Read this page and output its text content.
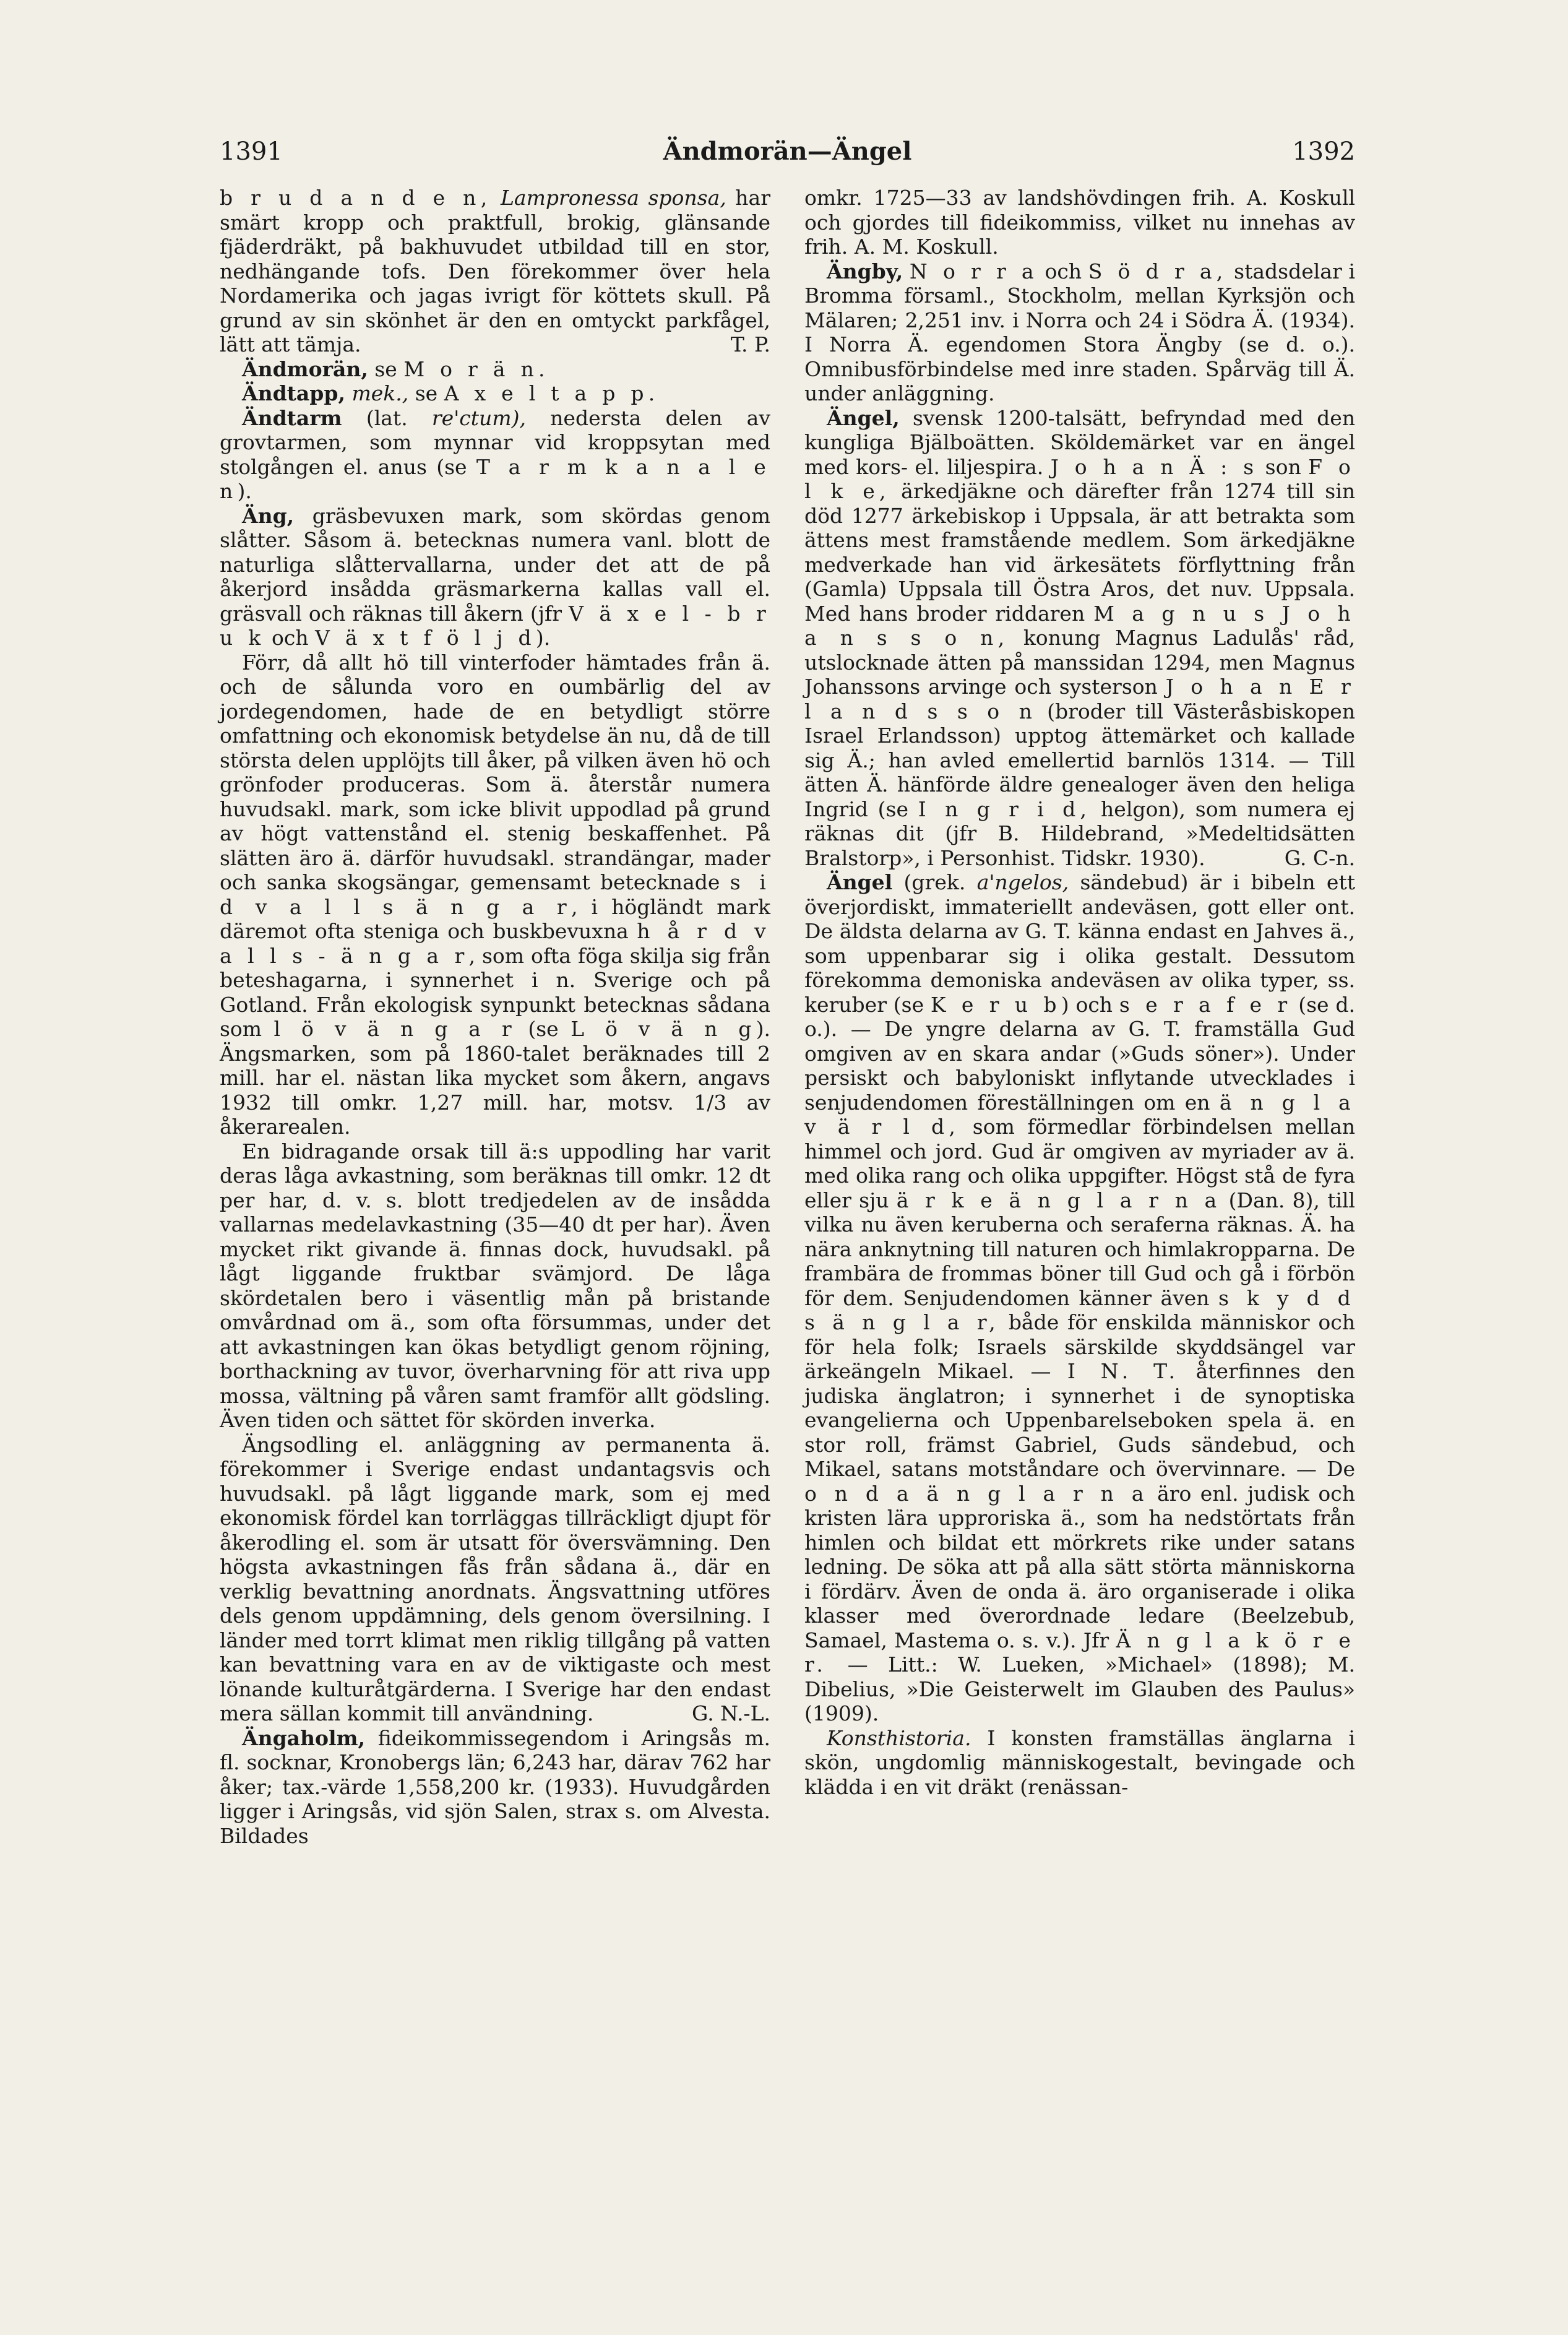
1391	Ändmorän—Ängel	1392

b r u d a n d e n, Lampronessa sponsa, har smärt kropp och praktfull, brokig, glänsande fjäderdräkt, på bakhuvudet utbildad till en stor, nedhängande tofs. Den förekommer över hela Nordamerika och jagas ivrigt för köttets skull. På grund av sin skönhet är den en omtyckt parkfågel, lätt att tämja.	T. P.

Ändmorän, se M o r ä n.

Ändtapp, mek., se A x e l t a p p.

Ändtarm (lat. re'ctum), nedersta delen av grovtarmen, som mynnar vid kroppsytan med stolgången el. anus (se T a r m k a n a l e n).

Äng, gräsbevuxen mark, som skördas genom slåtter. Såsom ä. betecknas numera vanl. blott de naturliga slåttervallarna, under det att de på åkerjord insådda gräsmarkerna kallas vall el. gräsvall och räknas till åkern (jfr V ä x e l - b r u k och V ä x t f ö l j d).

Förr, då allt hö till vinterfoder hämtades från ä. och de sålunda voro en oumbärlig del av jordegendomen, hade de en betydligt större omfattning och ekonomisk betydelse än nu, då de till största delen upplöjts till åker, på vilken även hö och grönfoder produceras. Som ä. återstår numera huvudsakl. mark, som icke blivit uppodlad på grund av högt vattenstånd el. stenig beskaffenhet. På slätten äro ä. därför huvudsakl. strandängar, mader och sanka skogsängar, gemensamt betecknade s i d v a l l s ä n g a r, i högländt mark däremot ofta steniga och buskbevuxna h å r d v a l l s - ä n g a r, som ofta föga skilja sig från beteshagarna, i synnerhet i n. Sverige och på Gotland. Från ekologisk synpunkt betecknas sådana som l ö v ä n g a r (se L ö v ä n g). Ängsmarken, som på 1860-talet beräknades till 2 mill. har el. nästan lika mycket som åkern, angavs 1932 till omkr. 1,27 mill. har, motsv. 1/3 av åkerarealen.

En bidragande orsak till ä:s uppodling har varit deras låga avkastning, som beräknas till omkr. 12 dt per har, d. v. s. blott tredjedelen av de insådda vallarnas medelavkastning (35—40 dt per har). Även mycket rikt givande ä. finnas dock, huvudsakl. på lågt liggande fruktbar svämjord. De låga skördetalen bero i väsentlig mån på bristande omvårdnad om ä., som ofta försummas, under det att avkastningen kan ökas betydligt genom röjning, borthackning av tuvor, överharvning för att riva upp mossa, vältning på våren samt framför allt gödsling. Även tiden och sättet för skörden inverka.

Ängsodling el. anläggning av permanenta ä. förekommer i Sverige endast undantagsvis och huvudsakl. på lågt liggande mark, som ej med ekonomisk fördel kan torrläggas tillräckligt djupt för åkerodling el. som är utsatt för översvämning. Den högsta avkastningen fås från sådana ä., där en verklig bevattning anordnats. Ängsvattning utföres dels genom uppdämning, dels genom översilning. I länder med torrt klimat men riklig tillgång på vatten kan bevattning vara en av de viktigaste och mest lönande kulturåtgärderna. I Sverige har den endast mera sällan kommit till användning.	G. N.-L.

Ängaholm, fideikommissegendom i Aringsås m. fl. socknar, Kronobergs län; 6,243 har, därav 762 har åker; tax.-värde 1,558,200 kr. (1933). Huvudgården ligger i Aringsås, vid sjön Salen, strax s. om Alvesta. Bildades

omkr. 1725—33 av landshövdingen frih. A. Koskull och gjordes till fideikommiss, vilket nu innehas av frih. A. M. Koskull.

Ängby, N o r r a och S ö d r a, stadsdelar i Bromma församl., Stockholm, mellan Kyrksjön och Mälaren; 2,251 inv. i Norra och 24 i Södra Ä. (1934). I Norra Ä. egendomen Stora Ängby (se d. o.). Omnibusförbindelse med inre staden. Spårväg till Ä. under anläggning.

Ängel, svensk 1200-talsätt, befryndad med den kungliga Bjälboätten. Sköldemärket var en ängel med kors- el. liljespira. J o h a n Ä : s son F o l k e, ärkedjäkne och därefter från 1274 till sin död 1277 ärkebiskop i Uppsala, är att betrakta som ättens mest framstående medlem. Som ärkedjäkne medverkade han vid ärkesätets förflyttning från (Gamla) Uppsala till Östra Aros, det nuv. Uppsala. Med hans broder riddaren M a g n u s J o h a n s s o n, konung Magnus Ladulås' råd, utslocknade ätten på manssidan 1294, men Magnus Johanssons arvinge och systerson J o h a n E r l a n d s s o n (broder till Västeråsbiskopen Israel Erlandsson) upptog ättemärket och kallade sig Ä.; han avled emellertid barnlös 1314. — Till ätten Ä. hänförde äldre genealoger även den heliga Ingrid (se I n g r i d, helgon), som numera ej räknas dit (jfr B. Hildebrand, »Medeltidsätten Bralstorp», i Personhist. Tidskr. 1930).	G. C-n.

Ängel (grek. a'ngelos, sändebud) är i bibeln ett överjordiskt, immateriellt andeväsen, gott eller ont. De äldsta delarna av G. T. känna endast en Jahves ä., som uppenbarar sig i olika gestalt. Dessutom förekomma demoniska andeväsen av olika typer, ss. keruber (se K e r u b) och s e r a f e r (se d. o.). — De yngre delarna av G. T. framställa Gud omgiven av en skara andar (»Guds söner»). Under persiskt och babyloniskt inflytande utvecklades i senjudendomen föreställningen om en ä n g l a v ä r l d, som förmedlar förbindelsen mellan himmel och jord. Gud är omgiven av myriader av ä. med olika rang och olika uppgifter. Högst stå de fyra eller sju ä r k e ä n g l a r n a (Dan. 8), till vilka nu även keruberna och seraferna räknas. Ä. ha nära anknytning till naturen och himlakropparna. De frambära de frommas böner till Gud och gå i förbön för dem. Senjudendomen känner även s k y d d s ä n g l a r, både för enskilda människor och för hela folk; Israels särskilde skyddsängel var ärkeängeln Mikael. — I N. T. återfinnes den judiska änglatron; i synnerhet i de synoptiska evangelierna och Uppenbarelseboken spela ä. en stor roll, främst Gabriel, Guds sändebud, och Mikael, satans motståndare och övervinnare. — De o n d a ä n g l a r n a äro enl. judisk och kristen lära upproriska ä., som ha nedstörtats från himlen och bildat ett mörkrets rike under satans ledning. De söka att på alla sätt störta människorna i fördärv. Även de onda ä. äro organiserade i olika klasser med överordnade ledare (Beelzebub, Samael, Mastema o. s. v.). Jfr Ä n g l a k ö r e r. — Litt.: W. Lueken, »Michael» (1898); M. Dibelius, »Die Geisterwelt im Glauben des Paulus» (1909).

Konsthistoria. I konsten framställas änglarna i skön, ungdomlig människogestalt, bevingade och klädda i en vit dräkt (renässan-
